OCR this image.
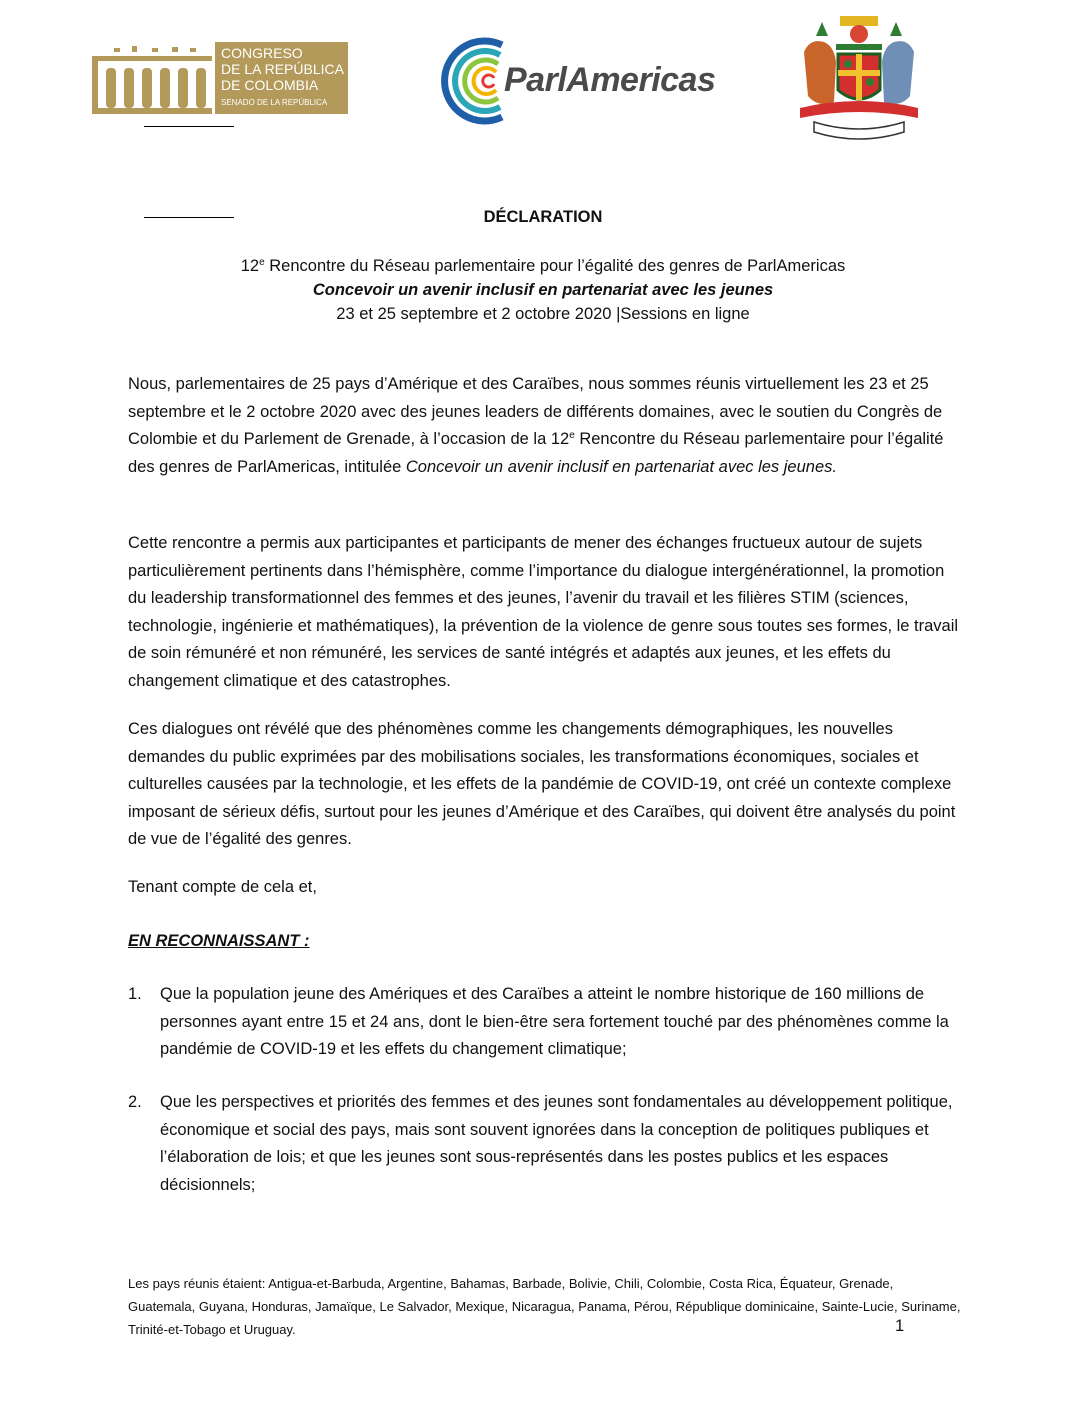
CONGRESO
DE LA REPÚBLICA
DE COLOMBIA
SENADO DE LA REPÚBLICA
ParlAmericas
DÉCLARATION
12e Rencontre du Réseau parlementaire pour l’égalité des genres de ParlAmericas
Concevoir un avenir inclusif en partenariat avec les jeunes
23 et 25 septembre et 2 octobre 2020 |Sessions en ligne
Nous, parlementaires de 25 pays d’Amérique et des Caraïbes, nous sommes réunis virtuellement les 23 et 25 septembre et le 2 octobre 2020 avec des jeunes leaders de différents domaines, avec le soutien du Congrès de Colombie et du Parlement de Grenade, à l’occasion de la 12e Rencontre du Réseau parlementaire pour l’égalité des genres de ParlAmericas, intitulée Concevoir un avenir inclusif en partenariat avec les jeunes.
Cette rencontre a permis aux participantes et participants de mener des échanges fructueux autour de sujets particulièrement pertinents dans l’hémisphère, comme l’importance du dialogue intergénérationnel, la promotion du leadership transformationnel des femmes et des jeunes, l’avenir du travail et les filières STIM (sciences, technologie, ingénierie et mathématiques), la prévention de la violence de genre sous toutes ses formes, le travail de soin rémunéré et non rémunéré, les services de santé intégrés et adaptés aux jeunes, et les effets du changement climatique et des catastrophes.
Ces dialogues ont révélé que des phénomènes comme les changements démographiques, les nouvelles demandes du public exprimées par des mobilisations sociales, les transformations économiques, sociales et culturelles causées par la technologie, et les effets de la pandémie de COVID-19, ont créé un contexte complexe imposant de sérieux défis, surtout pour les jeunes d’Amérique et des Caraïbes, qui doivent être analysés du point de vue de l’égalité des genres.
Tenant compte de cela et,
EN RECONNAISSANT :
1. Que la population jeune des Amériques et des Caraïbes a atteint le nombre historique de 160 millions de personnes ayant entre 15 et 24 ans, dont le bien-être sera fortement touché par des phénomènes comme la pandémie de COVID-19 et les effets du changement climatique;
2. Que les perspectives et priorités des femmes et des jeunes sont fondamentales au développement politique, économique et social des pays, mais sont souvent ignorées dans la conception de politiques publiques et l’élaboration de lois; et que les jeunes sont sous-représentés dans les postes publics et les espaces décisionnels;
Les pays réunis étaient: Antigua-et-Barbuda, Argentine, Bahamas, Barbade, Bolivie, Chili, Colombie, Costa Rica, Équateur, Grenade, Guatemala, Guyana, Honduras, Jamaïque, Le Salvador, Mexique, Nicaragua, Panama, Pérou, République dominicaine, Sainte-Lucie, Suriname, Trinité-et-Tobago et Uruguay.	1
